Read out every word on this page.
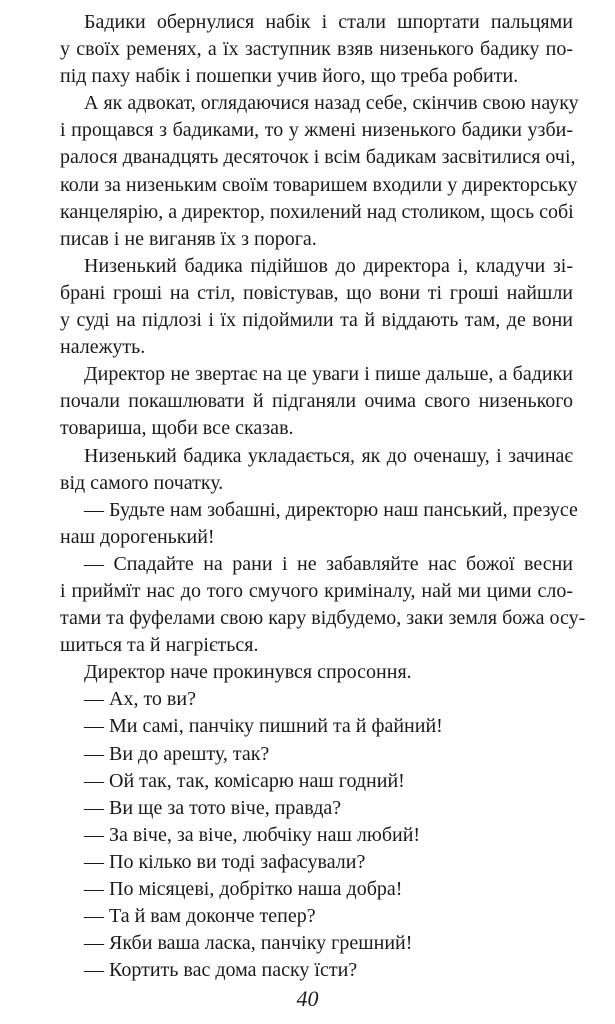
Бадики обернулися набік і стали шпортати пальцями
у своїх ременях, а їх заступник взяв низенького бадику по-
під паху набік і пошепки учив його, що треба робити.
А як адвокат, оглядаючися назад себе, скінчив свою науку
і прощався з бадиками, то у жмені низенького бадики узби-
ралося дванадцять десяточок і всім бадикам засвітилися очі,
коли за низеньким своїм товаришем входили у директорську
канцелярію, а директор, похилений над столиком, щось собі
писав і не виганяв їх з порога.
Низенький бадика підійшов до директора і, кладучи зі-
брані гроші на стіл, повістував, що вони ті гроші найшли
у суді на підлозі і їх підоймили та й віддають там, де вони
належуть.
Директор не звертає на це уваги і пише дальше, а бадики
почали покашлювати й підганяли очима свого низенького
товариша, щоби все сказав.
Низенький бадика укладається, як до оченашу, і зачинає
від самого початку.
— Будьте нам зобашні, директорю наш панський, презусе
наш дорогенький!
— Спадайте на рани і не забавляйте нас божої весни
і приймїт нас до того смучого криміналу, най ми цими сло-
тами та фуфелами свою кару відбудемо, заки земля божа осу-
шиться та й нагріється.
Директор наче прокинувся спросоння.
— Ах, то ви?
— Ми самі, панчіку пишний та й файний!
— Ви до арешту, так?
— Ой так, так, комісарю наш годний!
— Ви ще за тото віче, правда?
— За віче, за віче, любчіку наш любий!
— По кілько ви тоді зафасували?
— По місяцеві, добрітко наша добра!
— Та й вам доконче тепер?
— Якби ваша ласка, панчіку грешний!
— Кортить вас дома паску їсти?
40
